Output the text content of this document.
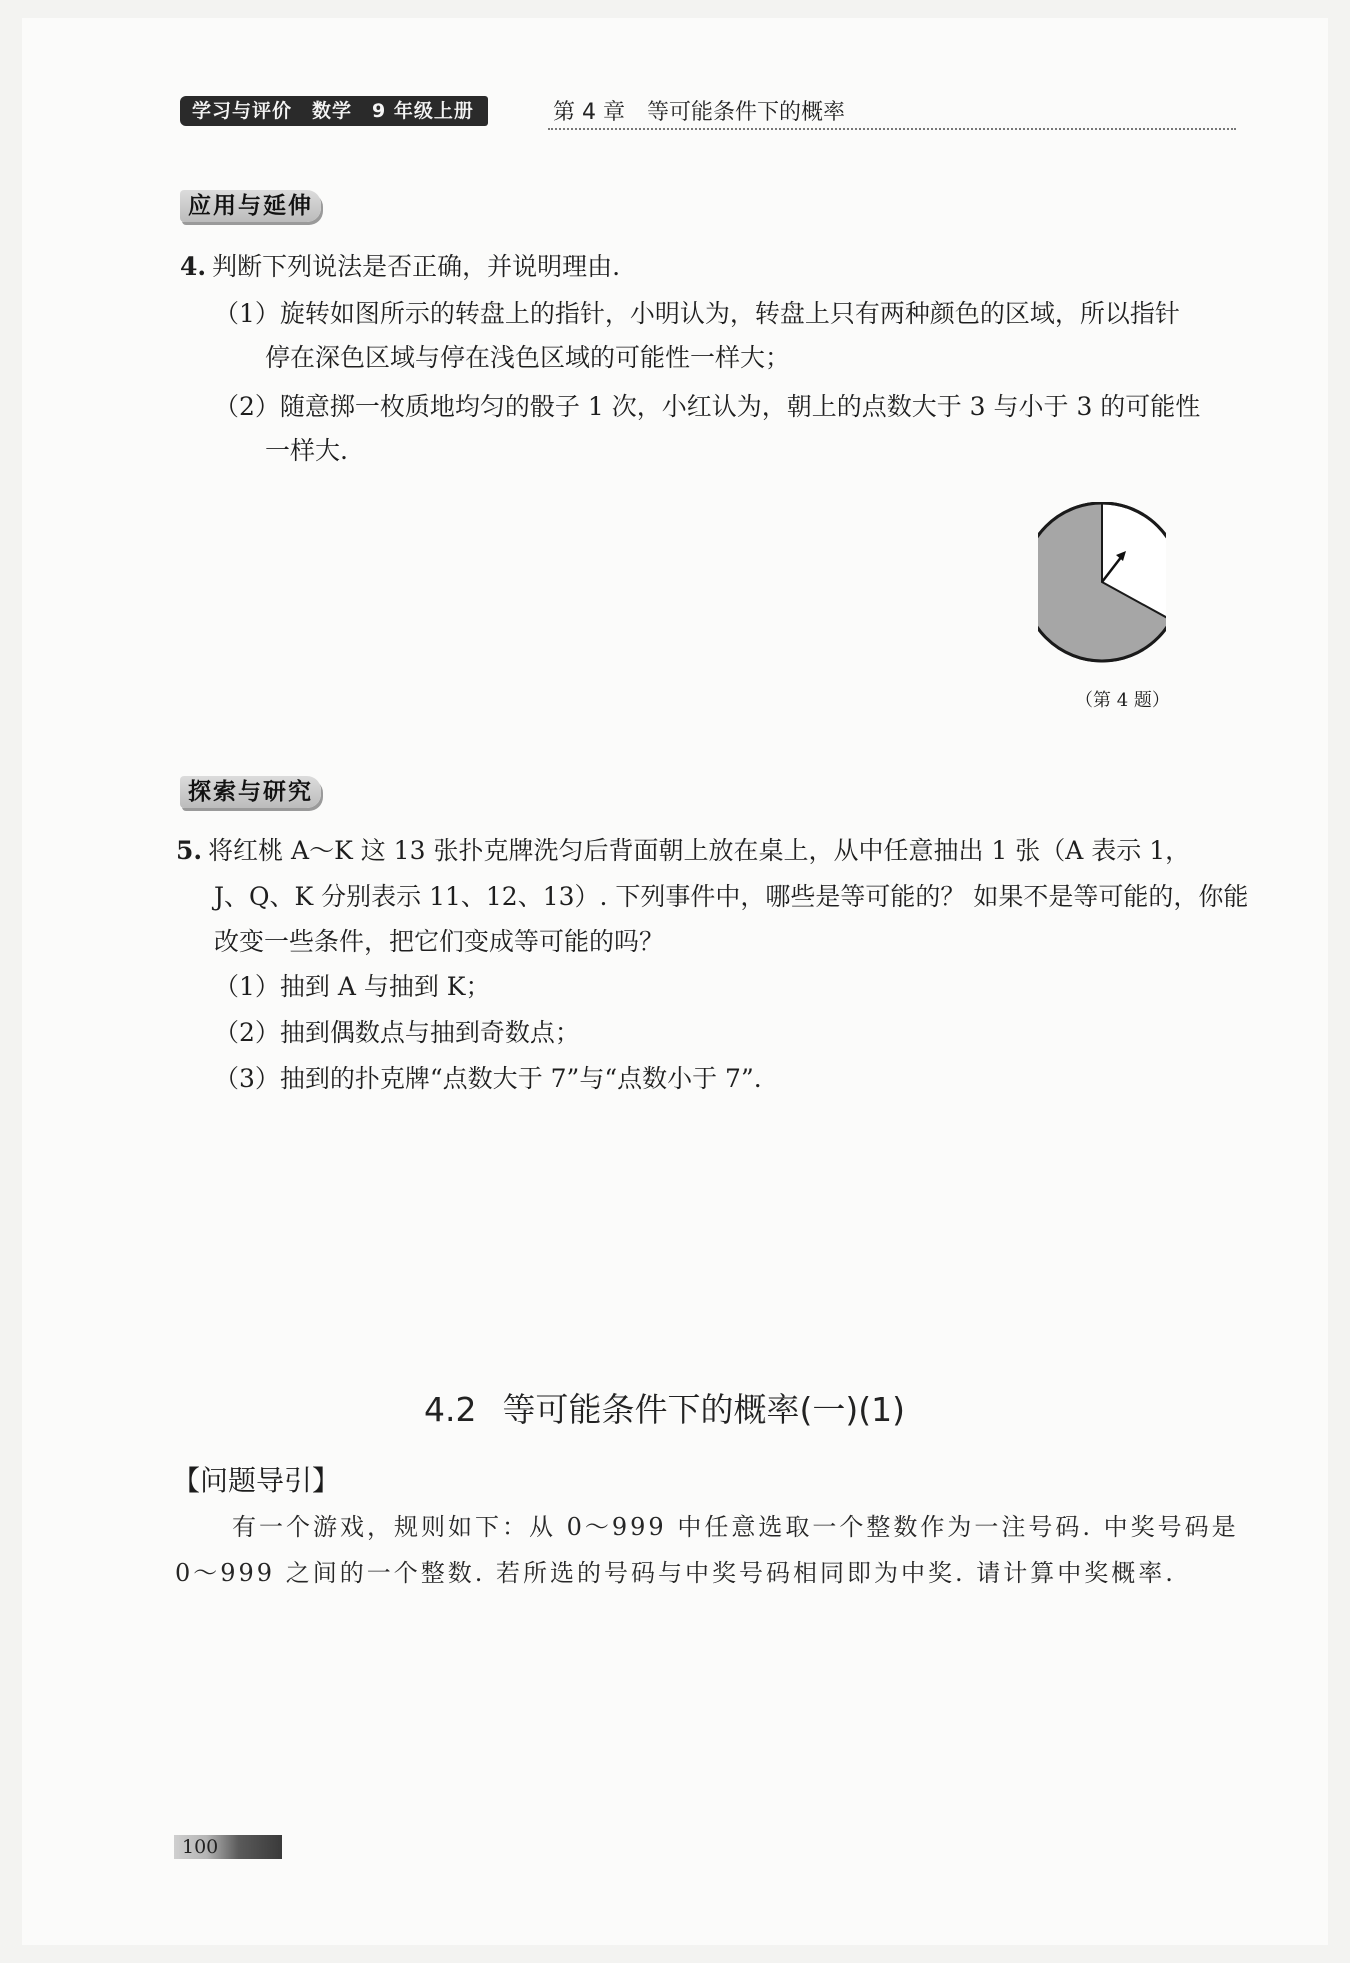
学习与评价 数学 9 年级上册	第 4 章 等可能条件下的概率
应用与延伸
4. 判断下列说法是否正确，并说明理由.
（1）旋转如图所示的转盘上的指针，小明认为，转盘上只有两种颜色的区域，所以指针
停在深色区域与停在浅色区域的可能性一样大；
（2）随意掷一枚质地均匀的骰子 1 次，小红认为，朝上的点数大于 3 与小于 3 的可能性
一样大.
（第 4 题）
探索与研究
5. 将红桃 A～K 这 13 张扑克牌洗匀后背面朝上放在桌上，从中任意抽出 1 张（A 表示 1，
J、Q、K 分别表示 11、12、13）. 下列事件中，哪些是等可能的？ 如果不是等可能的，你能
改变一些条件，把它们变成等可能的吗？
（1）抽到 A 与抽到 K；
（2）抽到偶数点与抽到奇数点；
（3）抽到的扑克牌“点数大于 7”与“点数小于 7”.
4.2 等可能条件下的概率(一)(1)
【问题导引】
有一个游戏，规则如下：从 0～999 中任意选取一个整数作为一注号码. 中奖号码是
0～999 之间的一个整数. 若所选的号码与中奖号码相同即为中奖. 请计算中奖概率.
100
